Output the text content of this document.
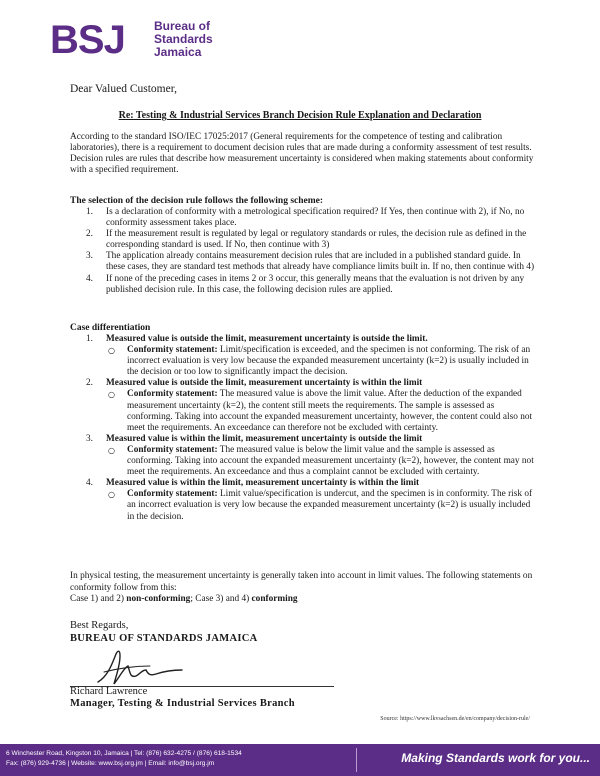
BSJ Bureau of
Standards
Jamaica
Dear Valued Customer,
Re: Testing & Industrial Services Branch Decision Rule Explanation and Declaration
According to the standard ISO/IEC 17025:2017 (General requirements for the competence of testing and calibration laboratories), there is a requirement to document decision rules that are made during a conformity assessment of test results. Decision rules are rules that describe how measurement uncertainty is considered when making statements about conformity with a specified requirement.
The selection of the decision rule follows the following scheme:
1. Is a declaration of conformity with a metrological specification required? If Yes, then continue with 2), if No, no conformity assessment takes place.
2. If the measurement result is regulated by legal or regulatory standards or rules, the decision rule as defined in the corresponding standard is used. If No, then continue with 3)
3. The application already contains measurement decision rules that are included in a published standard guide. In these cases, they are standard test methods that already have compliance limits built in. If no, then continue with 4)
4. If none of the preceding cases in items 2 or 3 occur, this generally means that the evaluation is not driven by any published decision rule. In this case, the following decision rules are applied.
Case differentiation
1. Measured value is outside the limit, measurement uncertainty is outside the limit.
○ Conformity statement: Limit/specification is exceeded, and the specimen is not conforming. The risk of an incorrect evaluation is very low because the expanded measurement uncertainty (k=2) is usually included in the decision or too low to significantly impact the decision.
2. Measured value is outside the limit, measurement uncertainty is within the limit
○ Conformity statement: The measured value is above the limit value. After the deduction of the expanded measurement uncertainty (k=2), the content still meets the requirements. The sample is assessed as conforming. Taking into account the expanded measurement uncertainty, however, the content could also not meet the requirements. An exceedance can therefore not be excluded with certainty.
3. Measured value is within the limit, measurement uncertainty is outside the limit
○ Conformity statement: The measured value is below the limit value and the sample is assessed as conforming. Taking into account the expanded measurement uncertainty (k=2), however, the content may not meet the requirements. An exceedance and thus a complaint cannot be excluded with certainty.
4. Measured value is within the limit, measurement uncertainty is within the limit
○ Conformity statement: Limit value/specification is undercut, and the specimen is in conformity. The risk of an incorrect evaluation is very low because the expanded measurement uncertainty (k=2) is usually included in the decision.
In physical testing, the measurement uncertainty is generally taken into account in limit values. The following statements on conformity follow from this:
Case 1) and 2) non-conforming; Case 3) and 4) conforming
Best Regards,
BUREAU OF STANDARDS JAMAICA
Richard Lawrence
Manager, Testing & Industrial Services Branch
Source: https://www.lkvsachsen.de/en/company/decision-rule/
6 Winchester Road, Kingston 10, Jamaica | Tel: (876) 632-4275 / (876) 618-1534
Fax: (876) 929-4736 | Website: www.bsj.org.jm | Email: info@bsj.org.jm	Making Standards work for you...
